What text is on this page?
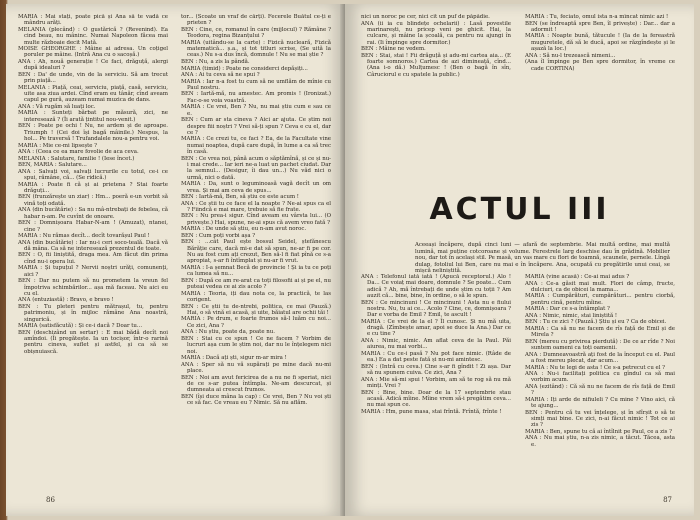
MARIA : Mai stați, poate pică și Ana să te vadă ce mândru arăți.

MELANIA (plecând) : O gustărică ? (Revenind). Ea cind beau, nu mâninc. Numai Napoleon făcea mai multe războaie decit Mată.

MOISE GHEORGHE : Mâine ai adresa. Un coțigel poruler pe mâine. (Intră Ana cu o sacoșă.)

ANA : Ah, nouă generație ! Ce faci, drăguță, alergi după idealuri ?

BEN : Da' de unde, vin de la serviciu. Să am trecut prin piață...

MELANIA : Piață, ceai, serviciu, piață, casă, serviciu, uite asa ziua ardei. Cînd eram eu tânăr, cînd aveam capul pe gură, auzeam numai muzica de dans.

ANA : Vă rugăm să luați loc.

MARIA : Sunteți bărbat pe măsură, zici, ne interesează ? (Îi arată țintitul nou-venit.)

BEN : Poate pe ochi ! Nu, ne ardem și de aproape. Triumph ! (Cei doi își bagă mâinile.) Nespus, la hol... Pe traversă ! Trufandalele nou-a pentru voi.

MARIA : Mie ce-mi lipsește ?

ANA : (Ceea ce ea mare fovolie de aca ceva.

MELANIA : Salutare, familie ! (Iese încet.)

BEN, MARIA : Salutare...

ANA : Salvați voi, salvați lucrurile cu totul, ce-i ce spui, rămâne, că... (Se ridică.)

MARIA : Poate fi că și ai prietena ? Stai foarte drăguți...

BEN (frunzărește un ziar) : Hm... poeră e-un vorbit să vină toți odată.

ANA (din bucătărie) : Sa nu mâ-ntrebați de febelea, că habar n-am. Pe cuvînt de onoare.

BEN : Domnișoara Habar-N-am ! (Amuzat), ntanei, cine ?

MARIA : Nu rămas decît... decît tovarășul Paul !

ANA (din bucătărie) : Iar nu-i ceri soco-teală. Dacă vă dă mâna. Ca să ne interesează prezentul de toate.

BEN : O, fii liniștită, draga mea. Am făcut din prima cînd nu-i opera lui.

MARIA : Și tupuțul ? Nervii noștri urăți, comunenți, aici ?

BEN : Dar nu putem să nu prometem la vreun fel împotriva schimbărilor... așa mă faceau. Nu aici eu cu el.

ANA (entuziastă) : Bravo, e bravo !

BEN : Tu pleteri pentru mătrașul, tu, pentru patrimoniu, și în mijloc rămâne Ana noastră, singurică.

MARIA (satisfăcută) : Și ce-i dacă ? Doar tu...

BEN (deschizând un sertar) : E mai bădă decît noi amîndoi. (Îi pregătește. Ia un tocișor, într-o rarină pentru cineva, suflet și astfel, și ca să se obișnuiască.

tor... (Scoate un vraf de cărți). Fecerele Buătul ce-ți e prieten ?

BEN : Cine, ce, romanul în care (mijlocul) ? Rămâne ? Teodora, regina Bizanțului ?

MARIA (uitându-se la carte) : Fizică nucleară, Fizică matematică... ș.a., și tot titluri scrise, (Se uită la ceas.) Nu s-a dus încă, domnule ! Nu se mai știe ?

BEN : Nu, a zis la pândă.

MARIA (timid) : Poate ne considerci depășiți...

ANA : Ai tu ceva să ne spui ?

MARIA : Iar n-a fost tu cum să ne umflăm de mînie cu Paul nostru.

BEN : Iartă-mă, nu amestec. Am promis ! (Ironizat.) Fac-o-se voia voastră.

MARIA : Ce vrei, Ben ? Nu, nu mai știu cum e sau ce e.

BEN : Cum ar sta cineva ? Aici ar ajuta. Ce știm noi despre fiii noștri ? Vrei să-ți spun ? Ceva e cu el, dar ce ?

MARIA : Ce crezi tu, ce faci ? Ea, de la Facultate vine numai noaptea, după care după, în lume a ca să trec în casă.

BEN : Ce vrea noi, până acum o săptămînă, și ce și nu-i mai crede... Iar ieri ne-a luat un pachet ciudat. Dar la semnul... (Desigur, îi dau un...) Nu văd nici o urmă, nici o dată.

MARIA : Da, sunt o leguminoasă vagă decît un om vrea. Și mai am ceva de spus...

BEN : Iartă-mă, Ben, să știu ce este acum !

ANA : Ce știi tu ce face el la noapte ? Ne-ai spus ca el ? Fiindcă e mai mare, trebuie să fie frate.

BEN : Nu prea-i sigur. Cînd aveam eu vârsta lui... (O privește.) Hai, spune, ne-ai spus că avem vreo fată ?

MARIA : De unde să știu, eu n-am avut noroc.

BEN : Cum poți vorbi așa ?

BEN : ...cât Paul ește bossul Seidel, ștefănescu Bărăție care, dacă mi-e dat să spun, ne-ar fi pe cor. Nu au fost cum ați crezut, Ben să-l fi fiat pînă ce s-a apropiat, s-ar fi întîmplat și nu-ar fi vrut.

MARIA : I-a șemnat Becă de provincie ! Și ia tu ce poți ca lumea să nu...

BEN : După ce am re-arat ca toți filosofii ai și pe el, nu puteai vedea ce ai zis acolo ?

MARIA : Teoria, iți dau nota ce, la practică, te las corigent.

BEN : Ce știi tu de-ntrebi, politica, ce mai (Pauză.) Hai, o să vină ei acasă, și uite, băiatul are ochii tăi !

MARIA : Pe drum, e foarte frumos să-l luăm cu noi... Ce zici, Ana ?

ANA : Nu știu, poate da, poate nu.

BEN : Stai cu ce spun ! Ce ne facem ? Vorbim de lucruri așa cum le știm noi, dar nu le înțelegem nici noi.

MARIA : Dacă ați ști, sigur m-ar mira !

ANA : Sper să nu vă supărați pe mine dacă nu-mi place.

BEN : Noi am avut fericirea de a nu ne fi speriat, nici de ce s-ar putea întîmpla. Ne-am descurcat, și dumneata ai crescut frumos.

BEN (își duce mâna la cap) : Ce vrei, Ben ? Nu voi ști ce să fac. Ce vreau eu ? Nimic. Să nu aflăm.

86

nici un noroc pe cer, nici cit un puf de păpădie.

ANA (ii ia cu blindețe ochelarii) : Lasă povestile marinarești, nu pricep veni pe ghicit. Hai, la culcare, și mâine la școală, ca pentru nu ajungi în rai. (Ii împinge spre dormitor.)

BEN : Mâine ne vedem.

BEN : Stai, stai ! Fii drăguță și adu-mi cartea aia... (E foarte somnoros.) Cartea de azi dimineață, cînd... (Ana i-o dă.) Mulțumesc ! (Ben o bagă în sîn, Câruciorul e cu spatele la public.)

MARIA : Tu, feciato, omul ista n-a mîncat nimic azi !

BEN (se îndreaptă spre Ben, îl privește) : Dar... dar a adormit !

MARIA : Noapte bună, tătucule ! (Ia de la fereastră muguretele, dă să le ducă, apoi se răzgîndește și le așază la loc.)

ANA : Să nu-l trezească nimeni...

(Ana îl împinge pe Ben spre dormitor, în vreme ce cade CORTINA)

ACTUL III
Aceeași încăpere, după cinci luni — afară de septembrie. Mai multă ordine, mai multă lumină, mai puține cotcoroane și volume. Ferestrele larg deschise dau în grădină. Mobilier nou, dar tot în același stil. Pe masă, un vas mare cu flori de toamnă, scaunele, pernele. Lîngă dulap, fotoliul lui Ben, care nu mai e în încăpere. Ana, ocupată cu pregătirile unui ceai, se mișcă neliniștită.

ANA : Telefonul iată iată ! (Apucă receptorul.) Alo ! Da... Ce voiaț mai doare, domnule ? Se poate... Cum adică ? Ah, mă întrebați de unde știm cu toții ? Am auzit că... bine, bine, în ordine, o să le spun.

BEN : Ce mincinuni ! Ce mincinuni ! Asta nu e fiului nostru. Nu, tu ai ce... Acolo ? Cine, ce, domnișoara ? Dar e vorba de Emil ? Emil, te ascult !

MARIA : Ce vrei de la el ? Îl cunosc. Și nu mă uita, dragă. (Zîmbește amar, apoi se duce la Ana.) Dar ce e cu tine ?

ANA : Nimic, nimic. Am aflat ceva de la Paul. Păi aiurea, nu mai vorbi...

MARIA : Cu ce-i pasă ? Nu pot face nimic. (Râde de ea.) Ea a dat peste fată și nu-mi amintesc.

BEN : (Intră cu ceva.) Cine s-ar fi gîndit ! Zi așa. Dar să nu spunem cuiva. Ce zici, Ana ?

ANA : Mie să-mi spui ! Vorbim, am să te rog să nu mă minți. Vrei ?

BEN : Bine, bine. Doar de la 17 septembrie stau acasă. Adică mîine. Mîine vrem să-i pregătim ceva... nu mai spun ce.

MARIA : Hm, pune masa, stai frîntă. Frîntă, frînte !

MARIA (vine acasă) : Ce-ai mai adus ?

ANA : Ce-a găsit mai mult. Flori de câmp, fructe, dulciuri, ca de obicei la mama...

MARIA : Cumpărături, cumpărături... pentru ciorbă, pentru cină, pentru mîine.

MARIA : Dar ce s-a întâmplat ?

ANA : Nimic, nimic, stai liniștită !

BEN : Tu ce zici ? (Pauză.) Știu și eu ? Ca de obicei.

MARIA : Ca să nu ne facem de rîs față de Emil și de Mirela ?

BEN (mereu cu privirea pierdută) : De ce ar rîde ? Noi suntem oameni ca toți oamenii.

ANA : Dumneavoastră ați fost de la început cu el. Paul a fost mereu plecat, dar acum...

MARIA : Nu te legi de asta ! Ce s-a petrecut cu el ?

ANA : Nu-i facilitați politica cu gîndul ca să mai vorbim acum.

ANA (ezitând) : Că să nu ne facem de rîs față de Emil ?

MARIA : Iți arde de nifiuleli ? Cu mine ? Vino aici, că te ajung...

BEN : Pentru că tu vei înțelege, și în sfîrșit o să te simți mai bine. Ce zici, n-ai făcut nimic ! Tot ce ai zis ?

MARIA : Ben, spune tu că ai întîlnit pe Paul, ce a zis ?

ANA : Nu mai știu, n-a zis nimic, a tăcut. Tăcea, asta e.

87
